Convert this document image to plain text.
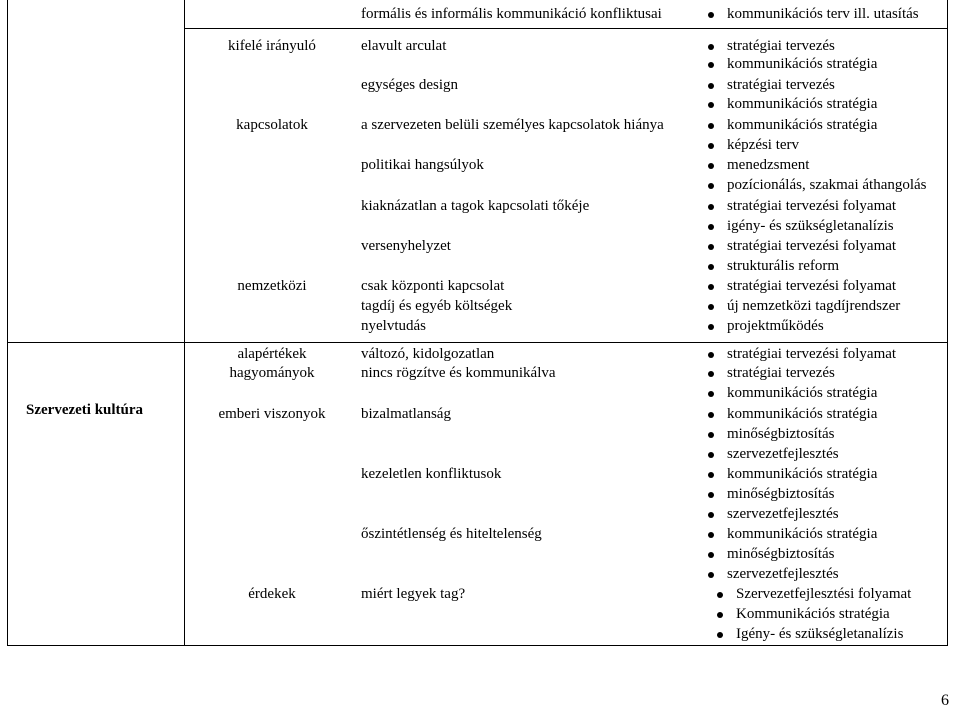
Szervezeti kultúra
formális és informális kommunikáció konfliktusai	kommunikációs terv ill. utasítás
kifelé irányuló	elavult arculat	stratégiai tervezés
kommunikációs stratégia
egységes design	stratégiai tervezés
kommunikációs stratégia
kapcsolatok	a szervezeten belüli személyes kapcsolatok hiánya	kommunikációs stratégia
képzési terv
politikai hangsúlyok	menedzsment
pozícionálás, szakmai áthangolás
kiaknázatlan a tagok kapcsolati tőkéje	stratégiai tervezési folyamat
igény- és szükségletanalízis
versenyhelyzet	stratégiai tervezési folyamat
strukturális reform
nemzetközi	csak központi kapcsolat	stratégiai tervezési folyamat
tagdíj és egyéb költségek	új nemzetközi tagdíjrendszer
nyelvtudás	projektműködés
alapértékek	változó, kidolgozatlan	stratégiai tervezési folyamat
hagyományok	nincs rögzítve és kommunikálva	stratégiai tervezés
kommunikációs stratégia
emberi viszonyok	bizalmatlanság	kommunikációs stratégia
minőségbiztosítás
szervezetfejlesztés
kezeletlen konfliktusok	kommunikációs stratégia
minőségbiztosítás
szervezetfejlesztés
őszintétlenség és hiteltelenség	kommunikációs stratégia
minőségbiztosítás
szervezetfejlesztés
érdekek	miért legyek tag?	Szervezetfejlesztési folyamat
Kommunikációs stratégia
Igény- és szükségletanalízis
6
